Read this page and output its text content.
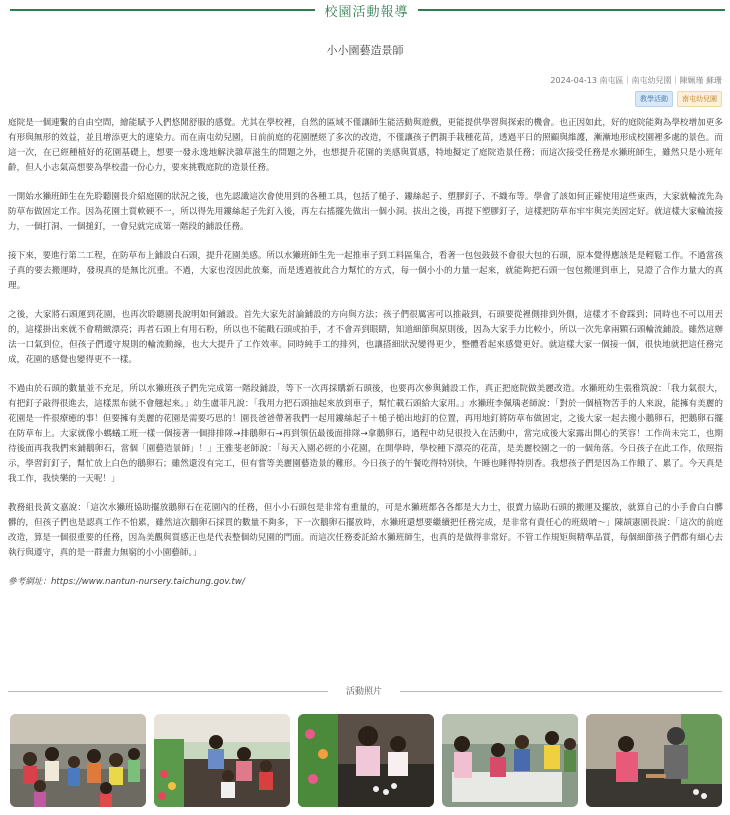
校園活動報導
小小園藝造景師
2024-04-13 南屯區｜南屯幼兒園｜陳姵瑾 蘇珊
教學活動	南屯幼兒園

庭院是一個連繫的自由空間，繪能賦予人們悠閒舒服的感覺。尤其在學校裡，自然的區域不僅讓師生能活動與遊戲，更能提供學習與探索的機會。也正因如此，好的庭院能夠為學校增加更多有形與無形的效益，並且增添更大的連染力。而在南屯幼兒園，日前前庭的花園歷經了多次的改造，不僅讓孩子們親手栽種花苗，透過平日的照顧與維護，漸漸地形成校園裡多處的景色。而這一次，在已經種植好的花園基礎上，想要一發永逸地解決雜草滋生的問題之外，也想提升花園的美感與質感，特地擬定了庭院造景任務；而這次接受任務是水獺班師生，雖然只是小班年齡，但人小志氣高想要為學校盡一份心力，要來挑戰庭院的造景任務。

一開始水獺班師生在先聆聽園長介紹庭園的狀況之後，也先認識這次會使用到的各種工具，包括了槌子、鏤絲起子、塑膠釘子、不織布等。學會了該如何正確使用這些東西，大家就輪流先為防草布做固定工作。因為花園土質軟硬不一，所以得先用鏤絲起子先釘入後，再左右搖擺先做出一個小洞。拔出之後，再提下塑膠釘子，這樣把防草布牢牢與完美固定好。就這樣大家輪流接力，一個打洞、一個搥釘，一會兒就完成第一階段的鋪設任務。

接下來，要進行第二工程，在防草布上鋪設白石頭，提升花園美感。所以水獺班師生先一起推車子到工料區集合，看著一包包鼓鼓不會很大包的石頭，原本覺得應該是是輕鬆工作。不過當孩子真的要去搬運時，發現真的是無比沉重。不過，大家也沒因此放棄，而是透過彼此合力幫忙的方式，每一個小小的力量一起來，就能夠把石頭一包包搬運到車上，見證了合作力量大的真理。

之後，大家將石頭運到花園，也再次聆聽園長說明如何鋪設。首先大家先討論鋪設的方向與方法；孩子們很厲害可以推敲到，石頭要從裡側排到外側，這樣才不會踩到；同時也不可以用丟的，這樣掛出來就不會精緻漂亮；再者石頭上有用石粉，所以也不能戳石頭或拍手，才不會弄到眼睛，知道細節與原則後，因為大家手力比較小，所以一次先拿兩顆石頭輪流鋪設。雖然這辦法一口氣到位，但孩子們遵守規則的輪流動線，也大大提升了工作效率。同時純手工的排列，也讓搭細狀況變得更少，整體看起來感覺更好。就這樣大家一個接一個，很快地就把這任務完成，花園的感覺也變得更不一樣。

不過由於石頭的數量並不充足，所以水獺班孩子們先完成第一階段鋪設，等下一次再採購新石頭後，也要再次參與鋪設工作，真正把庭院做美麗改造。水獺班幼生張雅筑說：「我力氣很大，有把釘子敲得很進去，這樣黑布就不會翹起來。」幼生盧菲凡說：「我用力把石頭抽起來放到車子，幫忙載石頭給大家用。」水獺班李佩瑀老師說：「對於一個植物苦手的人來說，能擁有美麗的花園是一件很療癒的事！但要擁有美麗的花園是需要巧思的！園長爸爸帶著我們一起用鏤絲起子＋槌子槌出地釘的位置，再用地釘將防草布做固定，之後大家一起去搬小鵝卵石，把鵝卵石擺在防草布上。大家就像小螞蟻工班一樣一個接著一個排排隊→排鵝卵石→再到領伍最後面排隊→拿鵝卵石，過程中幼兒很投入在活動中，當完成後大家露出開心的笑容！工作尚未完工，也期待後面再我我們來鋪鵝卵石，當個「園藝造景師」！」王雅斐老師說：「每天入園必經的小花園，在開學時，學校種下漂亮的花苗，是美麗校園之一的一個角落。今日孩子在此工作，依照指示，學習釘釘子，幫忙放上白色的鵝卵石；雖然還沒有完工，但有嘗等美麗園藝造景的難形。今日孩子的午餐吃得特別快，午睡也睡得特別香。我想孩子們是因為工作餓了、累了。今天真是我工作，我快樂的一天呢！」

教務組長黃文嘉說：「這次水獺班協助擺放鵝卵石在花園內的任務，但小小石頭包是非常有重量的，可是水獺班都各各都是大力士，很賣力協助石頭的搬運及擺放，就算自己的小手會白白髒髒的，但孩子們也是認真工作不怕累，雖然這次鵝卵石採買的數量不夠多，下一次鵝卵石擺放時，水獺班還想要繼續把任務完成，是非常有責任心的班級唷～」陳頡憲園長說：「這次的前庭改造，算是一個很重要的任務，因為美觀與質感正也是代表整個幼兒園的門面。而這次任務委託給水獺班師生，也真的是做得非常好。不管工作規矩與精準品質，每個細節孩子們都有細心去執行與遵守，真的是一群畫力無窮的小小園藝師。」

參考網址：https://www.nantun-nursery.taichung.gov.tw/

活動照片
